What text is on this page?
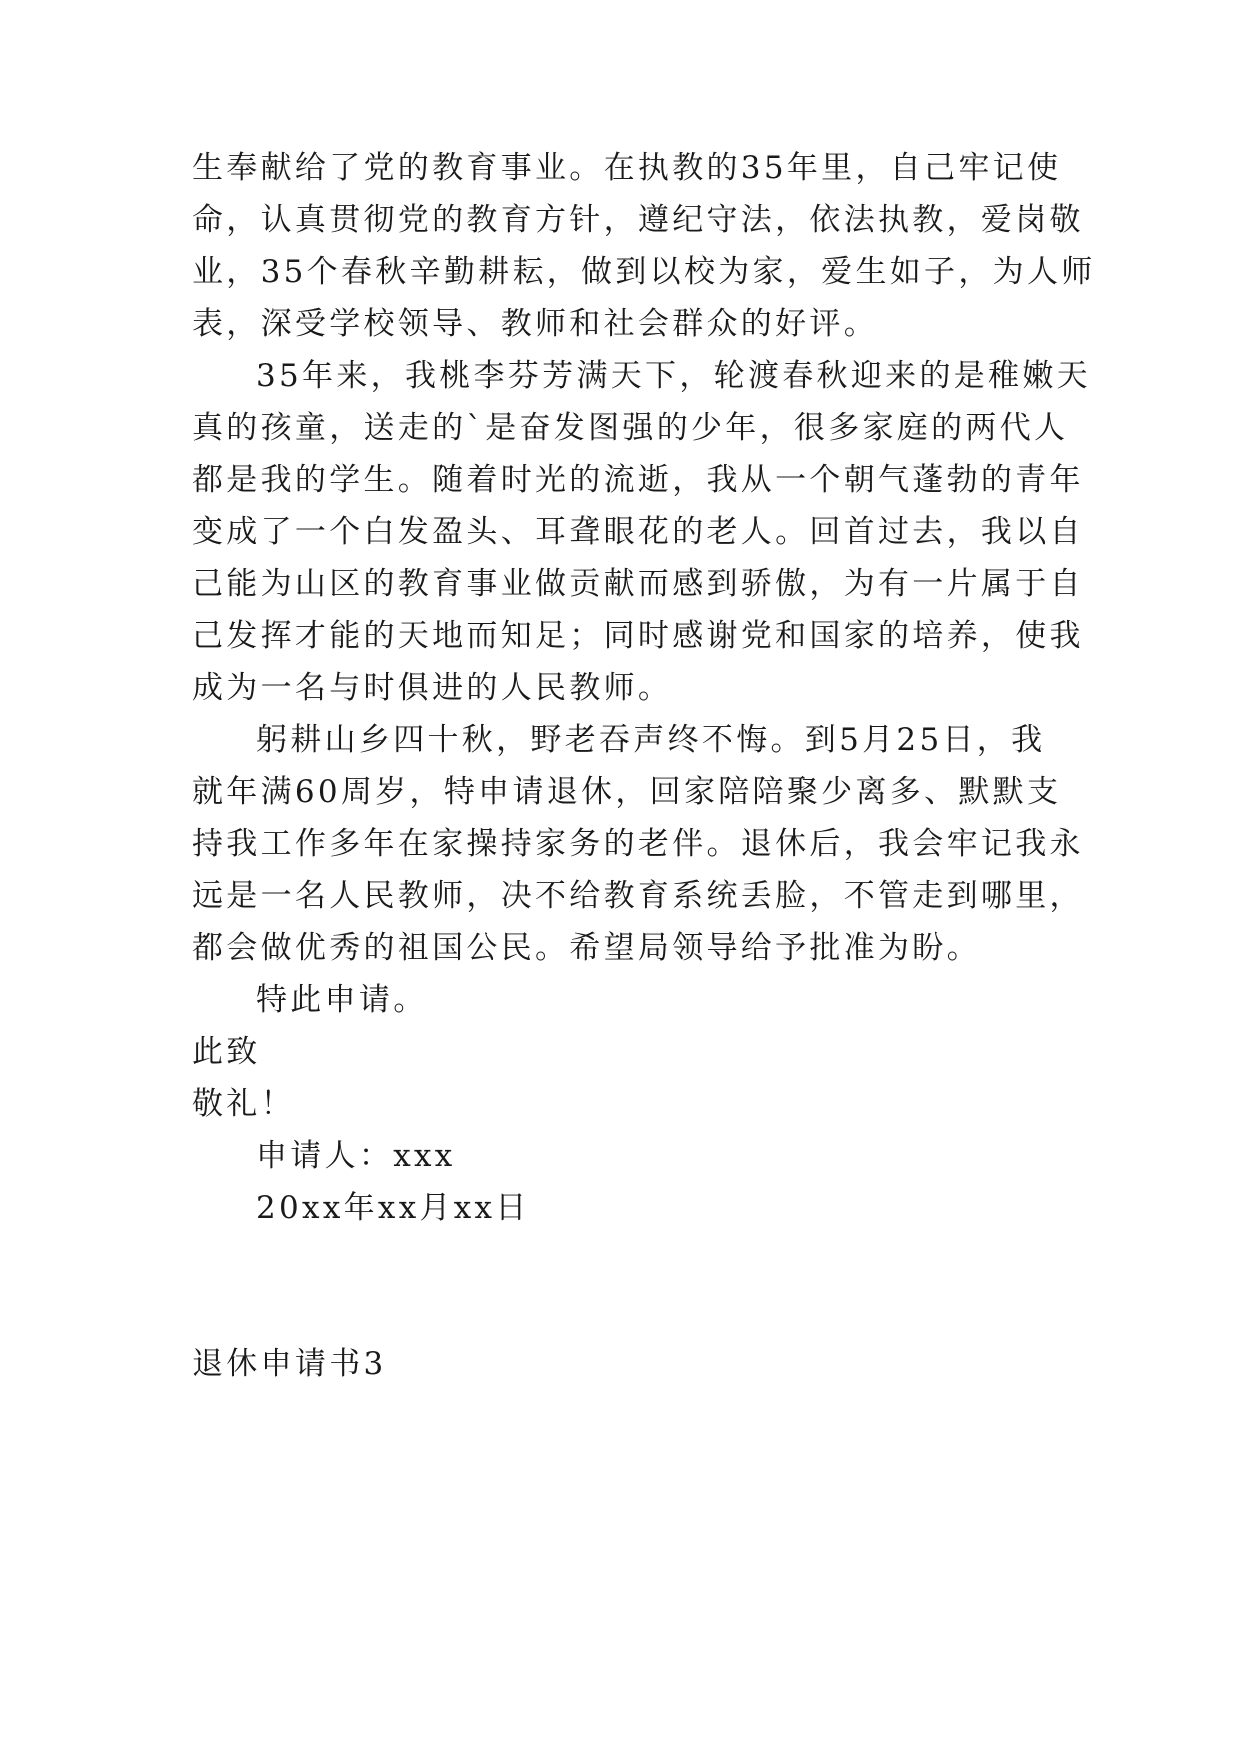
生奉献给了党的教育事业。在执教的35年里，自己牢记使
命，认真贯彻党的教育方针，遵纪守法，依法执教，爱岗敬
业，35个春秋辛勤耕耘，做到以校为家，爱生如子，为人师
表，深受学校领导、教师和社会群众的好评。
35年来，我桃李芬芳满天下，轮渡春秋迎来的是稚嫩天
真的孩童，送走的`是奋发图强的少年，很多家庭的两代人
都是我的学生。随着时光的流逝，我从一个朝气蓬勃的青年
变成了一个白发盈头、耳聋眼花的老人。回首过去，我以自
己能为山区的教育事业做贡献而感到骄傲，为有一片属于自
己发挥才能的天地而知足；同时感谢党和国家的培养，使我
成为一名与时俱进的人民教师。
躬耕山乡四十秋，野老吞声终不悔。到5月25日，我
就年满60周岁，特申请退休，回家陪陪聚少离多、默默支
持我工作多年在家操持家务的老伴。退休后，我会牢记我永
远是一名人民教师，决不给教育系统丢脸，不管走到哪里，
都会做优秀的祖国公民。希望局领导给予批准为盼。
特此申请。
此致
敬礼！
申请人：xxx
20xx年xx月xx日
退休申请书3
